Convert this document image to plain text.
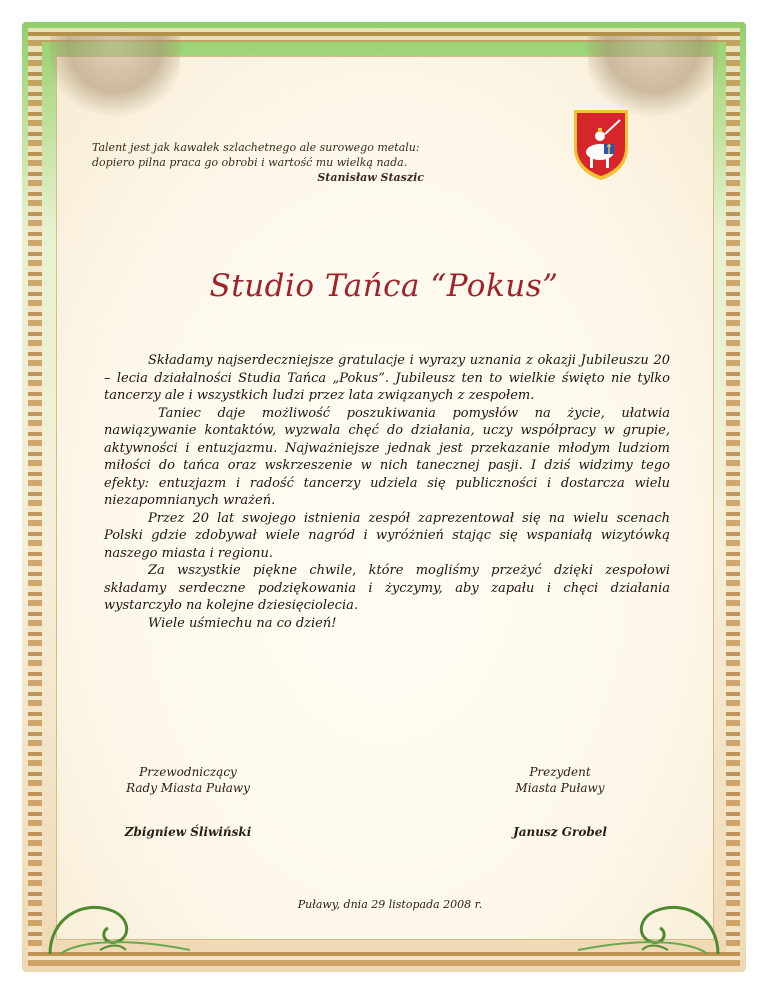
Talent jest jak kawałek szlachetnego ale surowego metalu:
dopiero pilna praca go obrobi i wartość mu wielką nada.
Stanisław Staszic
Studio Tańca “Pokus”

Składamy najserdeczniejsze gratulacje i wyrazy uznania z okazji Jubileuszu 20 – lecia działalności Studia Tańca „Pokus”. Jubileusz ten to wielkie święto nie tylko tancerzy ale i wszystkich ludzi przez lata związanych z zespołem.

Taniec daje możliwość poszukiwania pomysłów na życie, ułatwia nawiązywanie kontaktów, wyzwala chęć do działania, uczy współpracy w grupie, aktywności i entuzjazmu. Najważniejsze jednak jest przekazanie młodym ludziom miłości do tańca oraz wskrzeszenie w nich tanecznej pasji. I dziś widzimy tego efekty: entuzjazm i radość tancerzy udziela się publiczności i dostarcza wielu niezapomnianych wrażeń.

Przez 20 lat swojego istnienia zespół zaprezentował się na wielu scenach Polski gdzie zdobywał wiele nagród i wyróżnień stając się wspaniałą wizytówką naszego miasta i regionu.

Za wszystkie piękne chwile, które mogliśmy przeżyć dzięki zespołowi składamy serdeczne podziękowania i życzymy, aby zapału i chęci działania wystarczyło na kolejne dziesięciolecia.

Wiele uśmiechu na co dzień!

Przewodniczący
Rady Miasta Puławy
Zbigniew Śliwiński
Prezydent
Miasta Puławy
Janusz Grobel
Puławy, dnia 29 listopada 2008 r.
